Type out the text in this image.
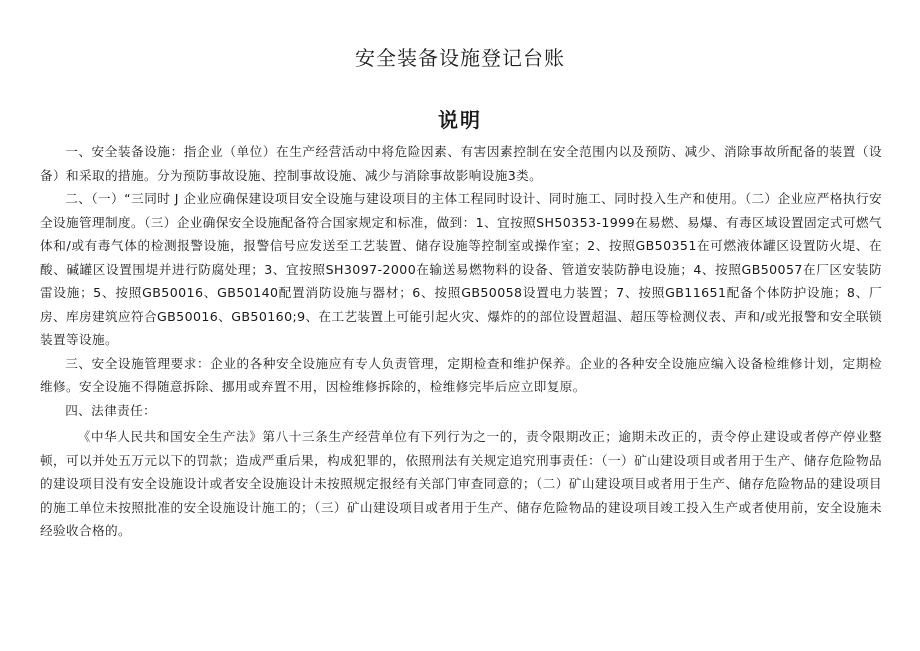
安全装备设施登记台账
说明

一、安全装备设施：指企业（单位）在生产经营活动中将危险因素、有害因素控制在安全范围内以及预防、减少、消除事故所配备的装置（设备）和采取的措施。分为预防事故设施、控制事故设施、减少与消除事故影响设施3类。

二、（一）“三同时 J 企业应确保建设项目安全设施与建设项目的主体工程同时设计、同时施工、同时投入生产和使用。（二）企业应严格执行安全设施管理制度。（三）企业确保安全设施配备符合国家规定和标准，做到：1、宜按照SH50353-1999在易燃、易爆、有毒区域设置固定式可燃气体和/或有毒气体的检测报警设施，报警信号应发送至工艺装置、储存设施等控制室或操作室；2、按照GB50351在可燃液体罐区设置防火堤、在酸、碱罐区设置围堤并进行防腐处理；3、宜按照SH3097-2000在输送易燃物料的设备、管道安装防静电设施；4、按照GB50057在厂区安装防雷设施；5、按照GB50016、GB50140配置消防设施与器材；6、按照GB50058设置电力装置；7、按照GB11651配备个体防护设施；8、厂房、库房建筑应符合GB50016、GB50160;9、在工艺装置上可能引起火灾、爆炸的的部位设置超温、超压等检测仪表、声和/或光报警和安全联锁装置等设施。

三、安全设施管理要求：企业的各种安全设施应有专人负责管理，定期检查和维护保养。企业的各种安全设施应编入设备检维修计划，定期检维修。安全设施不得随意拆除、挪用或弃置不用，因检维修拆除的，检维修完毕后应立即复原。

四、法律责任：

《中华人民共和国安全生产法》第八十三条生产经营单位有下列行为之一的，责令限期改正；逾期未改正的，责令停止建设或者停产停业整顿，可以并处五万元以下的罚款；造成严重后果，构成犯罪的，依照刑法有关规定追究刑事责任：（一）矿山建设项目或者用于生产、储存危险物品的建设项目没有安全设施设计或者安全设施设计未按照规定报经有关部门审查同意的；（二）矿山建设项目或者用于生产、储存危险物品的建设项目的施工单位未按照批准的安全设施设计施工的；（三）矿山建设项目或者用于生产、储存危险物品的建设项目竣工投入生产或者使用前，安全设施未经验收合格的。
